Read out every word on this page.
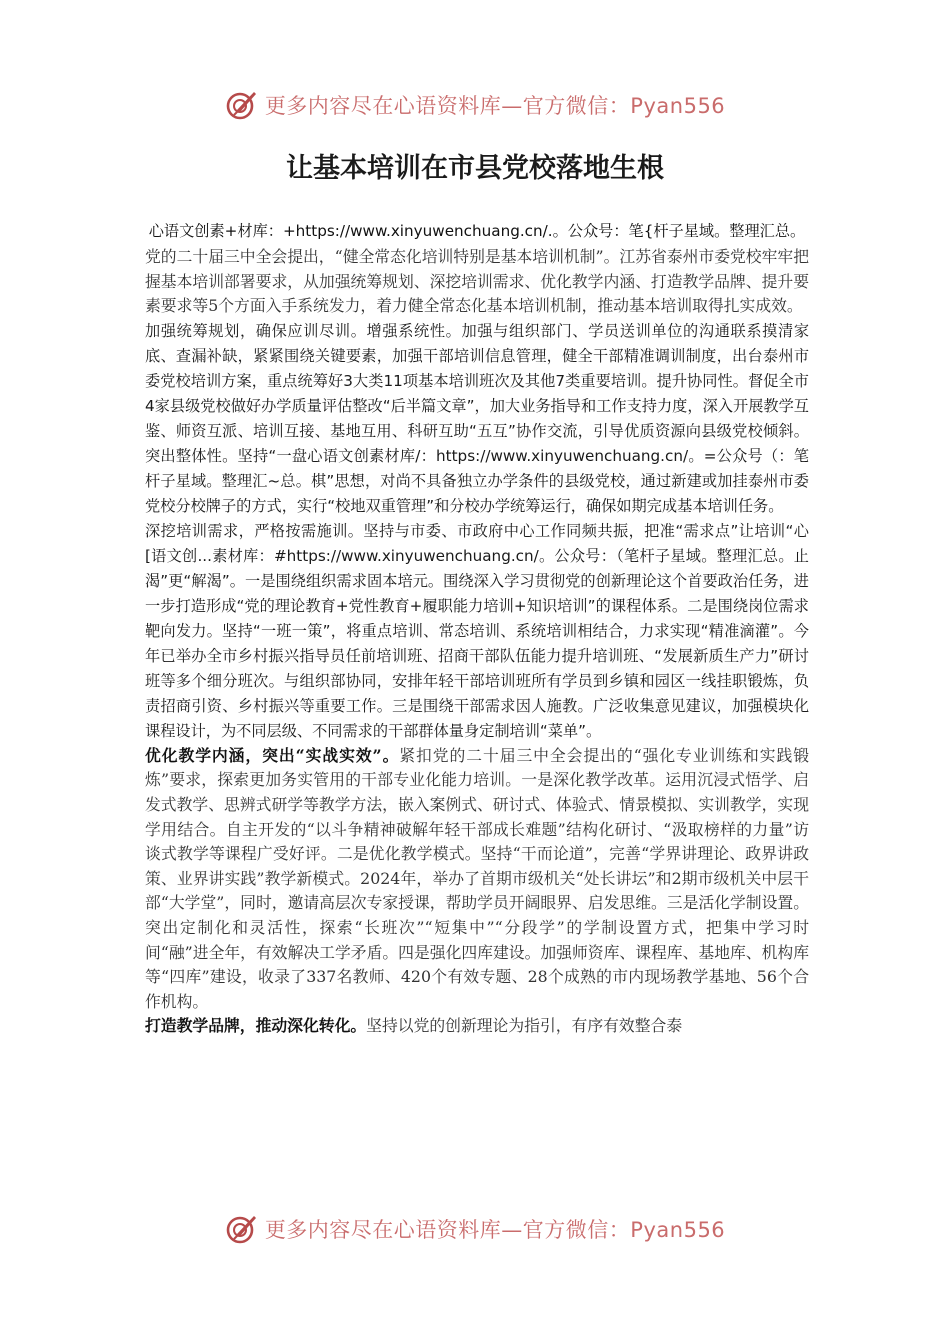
更多内容尽在心语资料库—官方微信：Pyan556
让基本培训在市县党校落地生根

心语文创素+材库：+https://www.xinyuwenchuang.cn/.。公众号：笔{杆子星域。整理汇总。

党的二十届三中全会提出，“健全常态化培训特别是基本培训机制”。江苏省泰州市委党校牢牢把握基本培训部署要求，从加强统筹规划、深挖培训需求、优化教学内涵、打造教学品牌、提升要素要求等5个方面入手系统发力，着力健全常态化基本培训机制，推动基本培训取得扎实成效。

加强统筹规划，确保应训尽训。增强系统性。加强与组织部门、学员送训单位的沟通联系摸清家底、查漏补缺，紧紧围绕关键要素，加强干部培训信息管理，健全干部精准调训制度，出台泰州市委党校培训方案，重点统筹好3大类11项基本培训班次及其他7类重要培训。提升协同性。督促全市4家县级党校做好办学质量评估整改“后半篇文章”，加大业务指导和工作支持力度，深入开展教学互鉴、师资互派、培训互接、基地互用、科研互助“五互”协作交流，引导优质资源向县级党校倾斜。突出整体性。坚持“一盘心语文创素材库/：https://www.xinyuwenchuang.cn/。=公众号（：笔杆子星域。整理汇~总。棋”思想，对尚不具备独立办学条件的县级党校，通过新建或加挂泰州市委党校分校牌子的方式，实行“校地双重管理”和分校办学统筹运行，确保如期完成基本培训任务。

深挖培训需求，严格按需施训。坚持与市委、市政府中心工作同频共振，把准“需求点”让培训“心[语文创...素材库：#https://www.xinyuwenchuang.cn/。公众号：（笔杆子星域。整理汇总。止渴”更“解渴”。一是围绕组织需求固本培元。围绕深入学习贯彻党的创新理论这个首要政治任务，进一步打造形成“党的理论教育+党性教育+履职能力培训+知识培训”的课程体系。二是围绕岗位需求靶向发力。坚持“一班一策”，将重点培训、常态培训、系统培训相结合，力求实现“精准滴灌”。今年已举办全市乡村振兴指导员任前培训班、招商干部队伍能力提升培训班、“发展新质生产力”研讨班等多个细分班次。与组织部协同，安排年轻干部培训班所有学员到乡镇和园区一线挂职锻炼，负责招商引资、乡村振兴等重要工作。三是围绕干部需求因人施教。广泛收集意见建议，加强模块化课程设计，为不同层级、不同需求的干部群体量身定制培训“菜单”。

优化教学内涵，突出“实战实效”。紧扣党的二十届三中全会提出的“强化专业训练和实践锻炼”要求，探索更加务实管用的干部专业化能力培训。一是深化教学改革。运用沉浸式悟学、启发式教学、思辨式研学等教学方法，嵌入案例式、研讨式、体验式、情景模拟、实训教学，实现学用结合。自主开发的“以斗争精神破解年轻干部成长难题”结构化研讨、“汲取榜样的力量”访谈式教学等课程广受好评。二是优化教学模式。坚持“干而论道”，完善“学界讲理论、政界讲政策、业界讲实践”教学新模式。2024年，举办了首期市级机关“处长讲坛”和2期市级机关中层干部“大学堂”，同时，邀请高层次专家授课，帮助学员开阔眼界、启发思维。三是活化学制设置。突出定制化和灵活性，探索“长班次”“短集中”“分段学”的学制设置方式，把集中学习时间“融”进全年，有效解决工学矛盾。四是强化四库建设。加强师资库、课程库、基地库、机构库等“四库”建设，收录了337名教师、420个有效专题、28个成熟的市内现场教学基地、56个合作机构。

打造教学品牌，推动深化转化。坚持以党的创新理论为指引，有序有效整合泰

更多内容尽在心语资料库—官方微信：Pyan556
